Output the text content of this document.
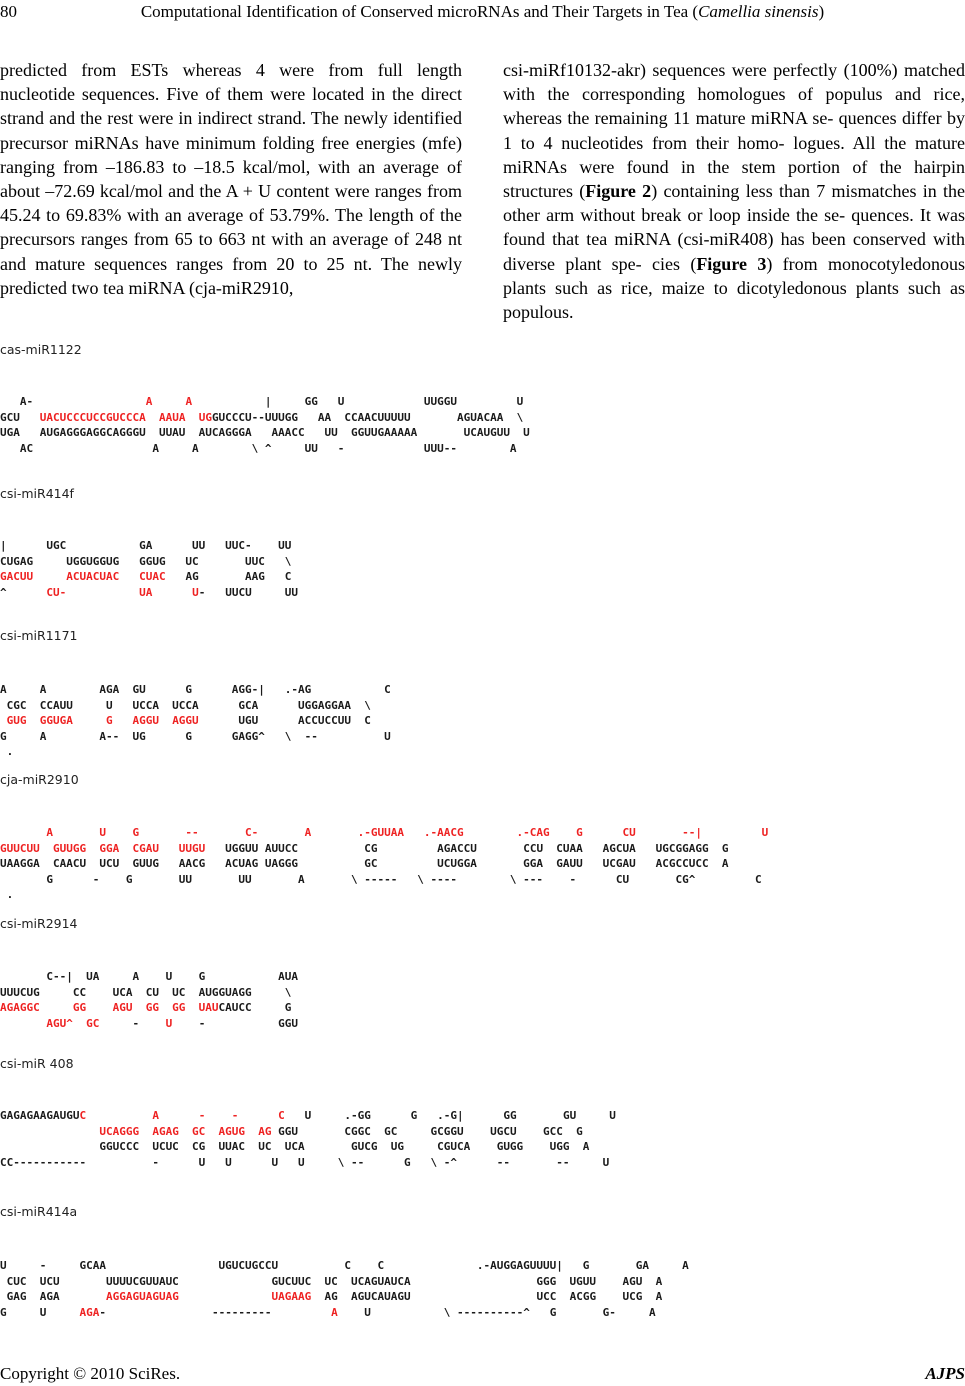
80	Computational Identification of Conserved microRNAs and Their Targets in Tea (Camellia sinensis)
predicted from ESTs whereas 4 were from full length nucleotide sequences. Five of them were located in the direct strand and the rest were in indirect strand. The newly identified precursor miRNAs have minimum folding free energies (mfe) ranging from –186.83 to –18.5 kcal/mol, with an average of about –72.69 kcal/mol and the A + U content were ranges from 45.24 to 69.83% with an average of 53.79%. The length of the precursors ranges from 65 to 663 nt with an average of 248 nt and mature sequences ranges from 20 to 25 nt. The newly predicted two tea miRNA (cja-miR2910,
csi-miRf10132-akr) sequences were perfectly (100%) matched with the corresponding homologues of populus and rice, whereas the remaining 11 mature miRNA se- quences differ by 1 to 4 nucleotides from their homo- logues. All the mature miRNAs were found in the stem portion of the hairpin structures (Figure 2) containing less than 7 mismatches in the other arm without break or loop inside the se- quences. It was found that tea miRNA (csi-miR408) has been conserved with diverse plant spe- cies (Figure 3) from monocotyledonous plants such as rice, maize to dicotyledonous plants such as populous.
cas-miR1122
A-                 A     A           |     GG   U            UUGGU         U
GCU   UACUCCCUCCGUCCCA  AAUA  UGGUCCCU--UUUGG   AA  CCAACUUUUU       AGUACAA  \
UGA   AUGAGGGAGGCAGGGU  UUAU  AUCAGGGA   AAACC   UU  GGUUGAAAAA       UCAUGUU  U
AC                  A     A        \ ^     UU   -            UUU--        A
csi-miR414f
|      UGC           GA      UU   UUC-    UU
CUGAG     UGGUGGUG   GGUG   UC       UUC   \
GACUU     ACUACUAC   CUAC   AG       AAG   C
^      CU-	UA	U-   UUCU     UU
csi-miR1171
A     A        AGA  GU      G      AGG-|   .-AG           C
CGC  CCAUU     U   UCCA  UCCA      GCA      UGGAGGAA  \
GUG  GGUGA     G   AGGU  AGGU      UGU      ACCUCCUU  C
G     A        A--  UG      G      GAGG^   \  --          U
.
cja-miR2910
A       U    G       --       C-       A       .-GUUAA   .-AACG        .-CAG    G      CU       --|         U
GUUCUU  GUUGG  GGA  CGAU   UUGU   UGGUU AUUCC          CG         AGACCU       CCU  CUAA   AGCUA   UGCGGAGG  G
UAAGGA  CAACU  UCU  GUUG   AACG   ACUAG UAGGG          GC         UCUGGA       GGA  GAUU   UCGAU   ACGCCUCC  A
G      -    G       UU       UU       A       \ -----   \ ----        \ ---    -      CU       CG^         C
.
csi-miR2914
C--|  UA     A    U    G           AUA
UUUCUG     CC    UCA  CU  UC  AUGGUAGG     \
AGAGGC     GG    AGU  GG  GG  UAUCAUCC     G
AGU^  GC     -    U    -           GGU
csi-miR 408
GAGAGAAGAUGUC          A      -    -      C   U     .-GG      G   .-G|      GG       GU     U
UCAGGG  AGAG  GC  AGUG  AG GGU       CGGC  GC     GCGGU    UGCU    GCC  G
GGUCCC  UCUC  CG  UUAC  UC  UCA       GUCG  UG     CGUCA    GUGG    UGG  A
CC-----------          -      U   U      U   U     \ --      G   \ -^      --       --     U
csi-miR414a
U     -     GCAA                 UGUCUGCCU          C    C              .-AUGGAGUUUU|   G       GA     A
CUC  UCU       UUUUCGUUAUC              GUCUUC  UC  UCAGUAUCA                   GGG  UGUU    AGU  A
GAG  AGA       AGGAGUAGUAG	UAGAAG  AG  AGUCAUAGU                   UCC  ACGG    UCG  A
G     U     AGA-                ---------         A    U           \ ----------^   G       G-     A
Copyright © 2010 SciRes.	AJPS
